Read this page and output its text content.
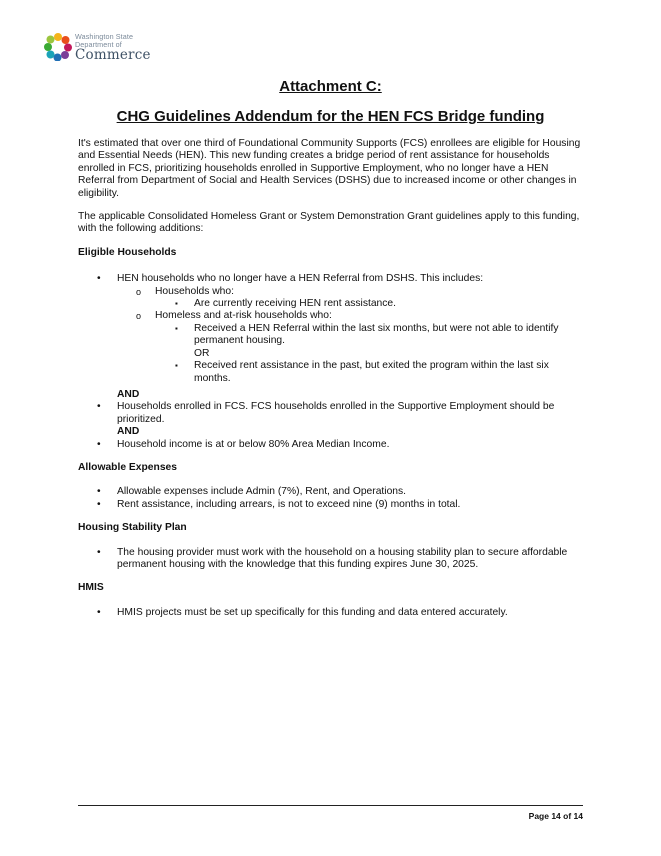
Washington State
Department of
Commerce
Attachment C:
CHG Guidelines Addendum for the HEN FCS Bridge funding

It's estimated that over one third of Foundational Community Supports (FCS) enrollees are eligible for Housing and Essential Needs (HEN). This new funding creates a bridge period of rent assistance for households enrolled in FCS, prioritizing households enrolled in Supportive Employment, who no longer have a HEN Referral from Department of Social and Health Services (DSHS) due to increased income or other changes in eligibility.

The applicable Consolidated Homeless Grant or System Demonstration Grant guidelines apply to this funding, with the following additions:

Eligible Households

• HEN households who no longer have a HEN Referral from DSHS. This includes:
o Households who:
▪ Are currently receiving HEN rent assistance.
o Homeless and at-risk households who:
▪ Received a HEN Referral within the last six months, but were not able to identify permanent housing.
OR
▪ Received rent assistance in the past, but exited the program within the last six months.
AND
• Households enrolled in FCS. FCS households enrolled in the Supportive Employment should be prioritized.
AND
• Household income is at or below 80% Area Median Income.

Allowable Expenses

• Allowable expenses include Admin (7%), Rent, and Operations.
• Rent assistance, including arrears, is not to exceed nine (9) months in total.

Housing Stability Plan

• The housing provider must work with the household on a housing stability plan to secure affordable permanent housing with the knowledge that this funding expires June 30, 2025.

HMIS

• HMIS projects must be set up specifically for this funding and data entered accurately.
Page 14 of 14
